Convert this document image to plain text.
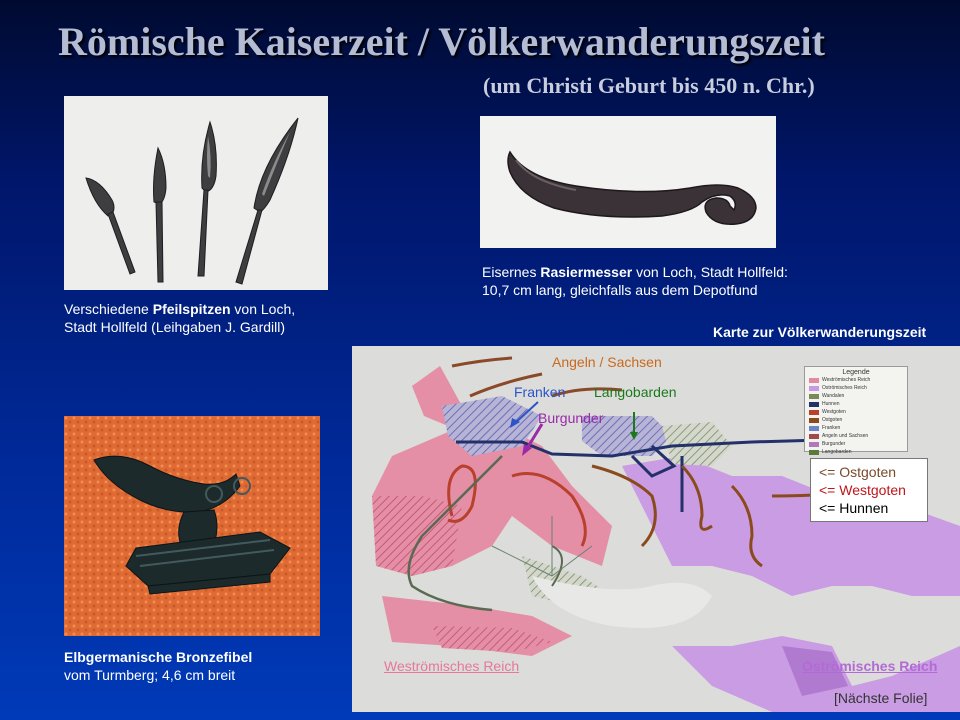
Römische Kaiserzeit / Völkerwanderungszeit

(um Christi Geburt bis 450 n. Chr.)

Verschiedene Pfeilspitzen von Loch,
Stadt Hollfeld (Leihgaben J. Gardill)

Eisernes Rasiermesser von Loch, Stadt Hollfeld:
10,7 cm lang, gleichfalls aus dem Depotfund

Elbgermanische Bronzefibel
vom Turmberg; 4,6 cm breit

Karte zur Völkerwanderungszeit
Angeln / Sachsen
Franken Langobarden
Burgunder
Legende
Weströmisches Reich
Oströmisches Reich
Wandalen
Hunnen
Westgoten
Ostgoten
Franken
Angeln und Sachsen
Burgunder
Langobarden
<= Ostgoten
<= Westgoten
<= Hunnen
Weströmisches Reich	Oströmisches Reich
[Nächste Folie]
